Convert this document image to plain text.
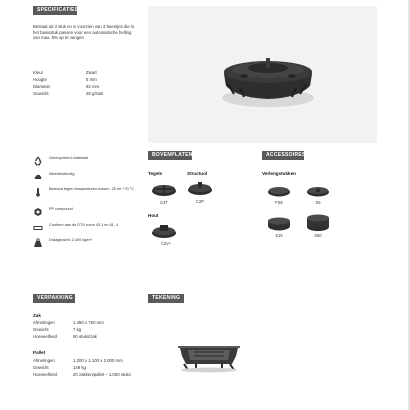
SPECIFICATIES
Bestaat uit 3 stuk en is voorzien van 3 beentjes die in het basisstuk passen voor een automatische helling van max. 5% op te vangen
Kleur	Zwart
Hoogte	5 mm
Diameter	92 mm
Gewicht	28 g/stuk
Gerecycleerd materiaal
Weerbestendig
Bestand tegen temperaturen tussen -25 en +70 °C
PP compound
Conform aan de DTU norm 43.1 en 61. 4
Draagkracht: 2.400 kg/m²
BOVENPLATEN
Tegels	Structuol
Hout
C4T	C2P
C2V+
ACCESSOIRES
Verlengstukken
FS5	S5
S15	S50
VERPAKKING
Zak
Afmetingen	1.450 x 750 mm
Gewicht	7 kg
Hoeveelheid	50 stuks/zak
Pallet
Afmetingen	1.200 x 1.100 x 2.000 mm
Gewicht	149 kg
Hoeveelheid	20 zakken/pallet – 1.000 stuks
TEKENING
